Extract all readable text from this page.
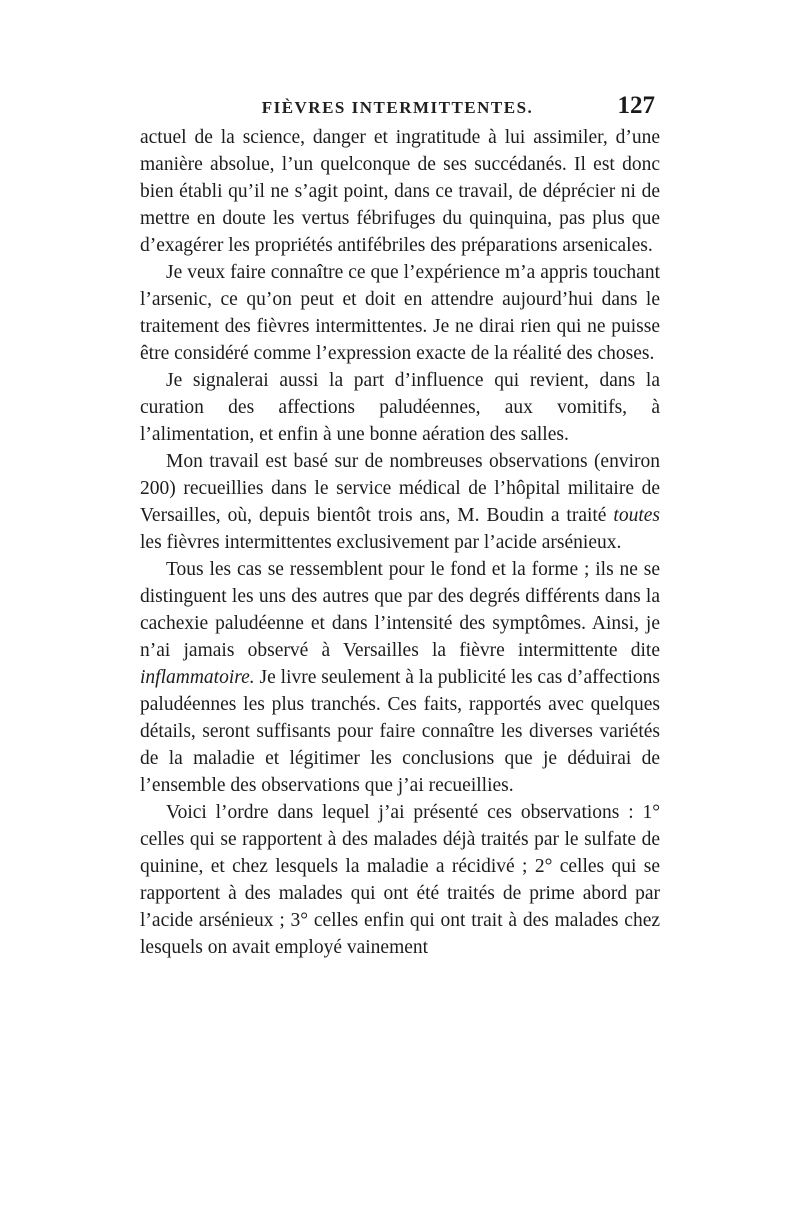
FIÈVRES INTERMITTENTES.	127

actuel de la science, danger et ingratitude à lui assimiler, d’une manière absolue, l’un quelconque de ses succédanés. Il est donc bien établi qu’il ne s’agit point, dans ce travail, de déprécier ni de mettre en doute les vertus fébrifuges du quinquina, pas plus que d’exagérer les propriétés antifébriles des préparations arsenicales.

Je veux faire connaître ce que l’expérience m’a appris touchant l’arsenic, ce qu’on peut et doit en attendre aujourd’hui dans le traitement des fièvres intermittentes. Je ne dirai rien qui ne puisse être considéré comme l’expression exacte de la réalité des choses.

Je signalerai aussi la part d’influence qui revient, dans la curation des affections paludéennes, aux vomitifs, à l’alimentation, et enfin à une bonne aération des salles.

Mon travail est basé sur de nombreuses observations (environ 200) recueillies dans le service médical de l’hôpital militaire de Versailles, où, depuis bientôt trois ans, M. Boudin a traité toutes les fièvres intermittentes exclusivement par l’acide arsénieux.

Tous les cas se ressemblent pour le fond et la forme ; ils ne se distinguent les uns des autres que par des degrés différents dans la cachexie paludéenne et dans l’intensité des symptômes. Ainsi, je n’ai jamais observé à Versailles la fièvre intermittente dite inflammatoire. Je livre seulement à la publicité les cas d’affections paludéennes les plus tranchés. Ces faits, rapportés avec quelques détails, seront suffisants pour faire connaître les diverses variétés de la maladie et légitimer les conclusions que je déduirai de l’ensemble des observations que j’ai recueillies.

Voici l’ordre dans lequel j’ai présenté ces observations : 1° celles qui se rapportent à des malades déjà traités par le sulfate de quinine, et chez lesquels la maladie a récidivé ; 2° celles qui se rapportent à des malades qui ont été traités de prime abord par l’acide arsénieux ; 3° celles enfin qui ont trait à des malades chez lesquels on avait employé vainement
